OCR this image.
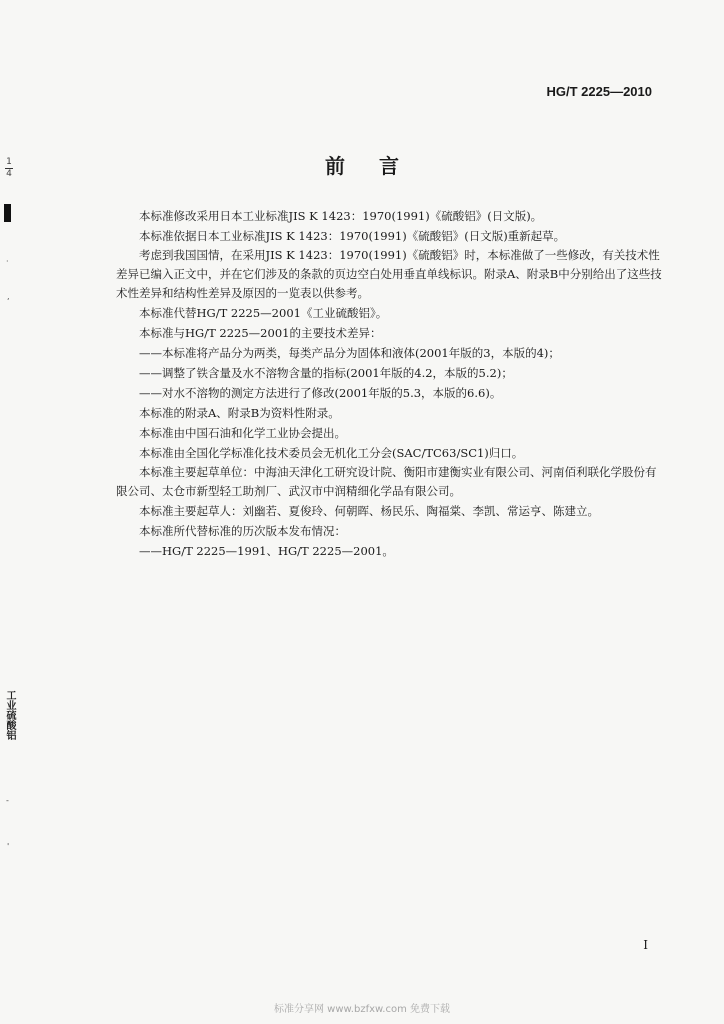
HG/T 2225—2010
1
4
·
,
-
'
工业硫酸铝
前言

本标准修改采用日本工业标准JIS K 1423：1970(1991)《硫酸铝》(日文版)。

本标准依据日本工业标准JIS K 1423：1970(1991)《硫酸铝》(日文版)重新起草。

考虑到我国国情，在采用JIS K 1423：1970(1991)《硫酸铝》时，本标准做了一些修改，有关技术性差异已编入正文中，并在它们涉及的条款的页边空白处用垂直单线标识。附录A、附录B中分别给出了这些技术性差异和结构性差异及原因的一览表以供参考。

本标准代替HG/T 2225—2001《工业硫酸铝》。

本标准与HG/T 2225—2001的主要技术差异：

——本标准将产品分为两类，每类产品分为固体和液体(2001年版的3，本版的4)；

——调整了铁含量及水不溶物含量的指标(2001年版的4.2，本版的5.2)；

——对水不溶物的测定方法进行了修改(2001年版的5.3，本版的6.6)。

本标准的附录A、附录B为资料性附录。

本标准由中国石油和化学工业协会提出。

本标准由全国化学标准化技术委员会无机化工分会(SAC/TC63/SC1)归口。

本标准主要起草单位：中海油天津化工研究设计院、衡阳市建衡实业有限公司、河南佰利联化学股份有限公司、太仓市新型轻工助剂厂、武汉市中润精细化学品有限公司。

本标准主要起草人：刘幽若、夏俊玲、何朝晖、杨民乐、陶福棠、李凯、常运亨、陈建立。

本标准所代替标准的历次版本发布情况：

——HG/T 2225—1991、HG/T 2225—2001。

I
标准分享网 www.bzfxw.com 免费下载
